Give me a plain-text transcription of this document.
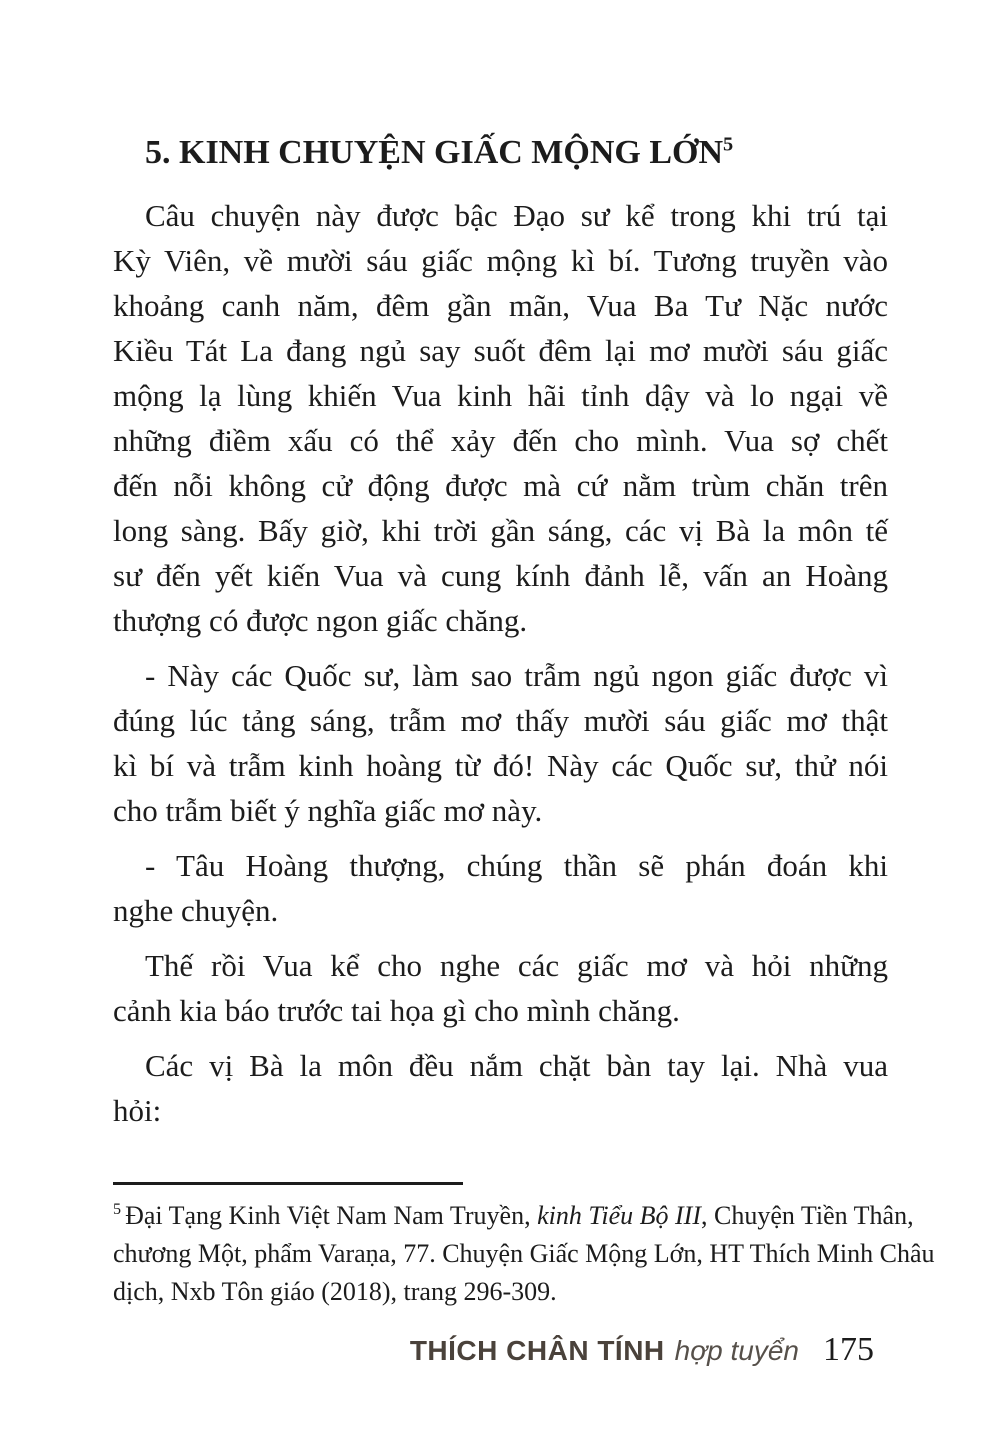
5. KINH CHUYỆN GIẤC MỘNG LỚN$^5$
Câu chuyện này được bậc Đạo sư kể trong khi trú tại
Kỳ Viên, về mười sáu giấc mộng kì bí. Tương truyền vào
khoảng canh năm, đêm gần mãn, Vua Ba Tư Nặc nước
Kiều Tát La đang ngủ say suốt đêm lại mơ mười sáu giấc
mộng lạ lùng khiến Vua kinh hãi tỉnh dậy và lo ngại về
những điềm xấu có thể xảy đến cho mình. Vua sợ chết
đến nỗi không cử động được mà cứ nằm trùm chăn trên
long sàng. Bấy giờ, khi trời gần sáng, các vị Bà la môn tế
sư đến yết kiến Vua và cung kính đảnh lễ, vấn an Hoàng
thượng có được ngon giấc chăng.
- Này các Quốc sư, làm sao trẫm ngủ ngon giấc được vì
đúng lúc tảng sáng, trẫm mơ thấy mười sáu giấc mơ thật
kì bí và trẫm kinh hoàng từ đó! Này các Quốc sư, thử nói
cho trẫm biết ý nghĩa giấc mơ này.
- Tâu Hoàng thượng, chúng thần sẽ phán đoán khi
nghe chuyện.
Thế rồi Vua kể cho nghe các giấc mơ và hỏi những
cảnh kia báo trước tai họa gì cho mình chăng.
Các vị Bà la môn đều nắm chặt bàn tay lại. Nhà vua
hỏi:
$^5$ Đại Tạng Kinh Việt Nam Nam Truyền, kinh Tiểu Bộ III, Chuyện Tiền Thân,
chương Một, phẩm Varaṇa, 77. Chuyện Giấc Mộng Lớn, HT Thích Minh Châu
dịch, Nxb Tôn giáo (2018), trang 296-309.
THÍCH CHÂN TÍNH hợp tuyển 175
